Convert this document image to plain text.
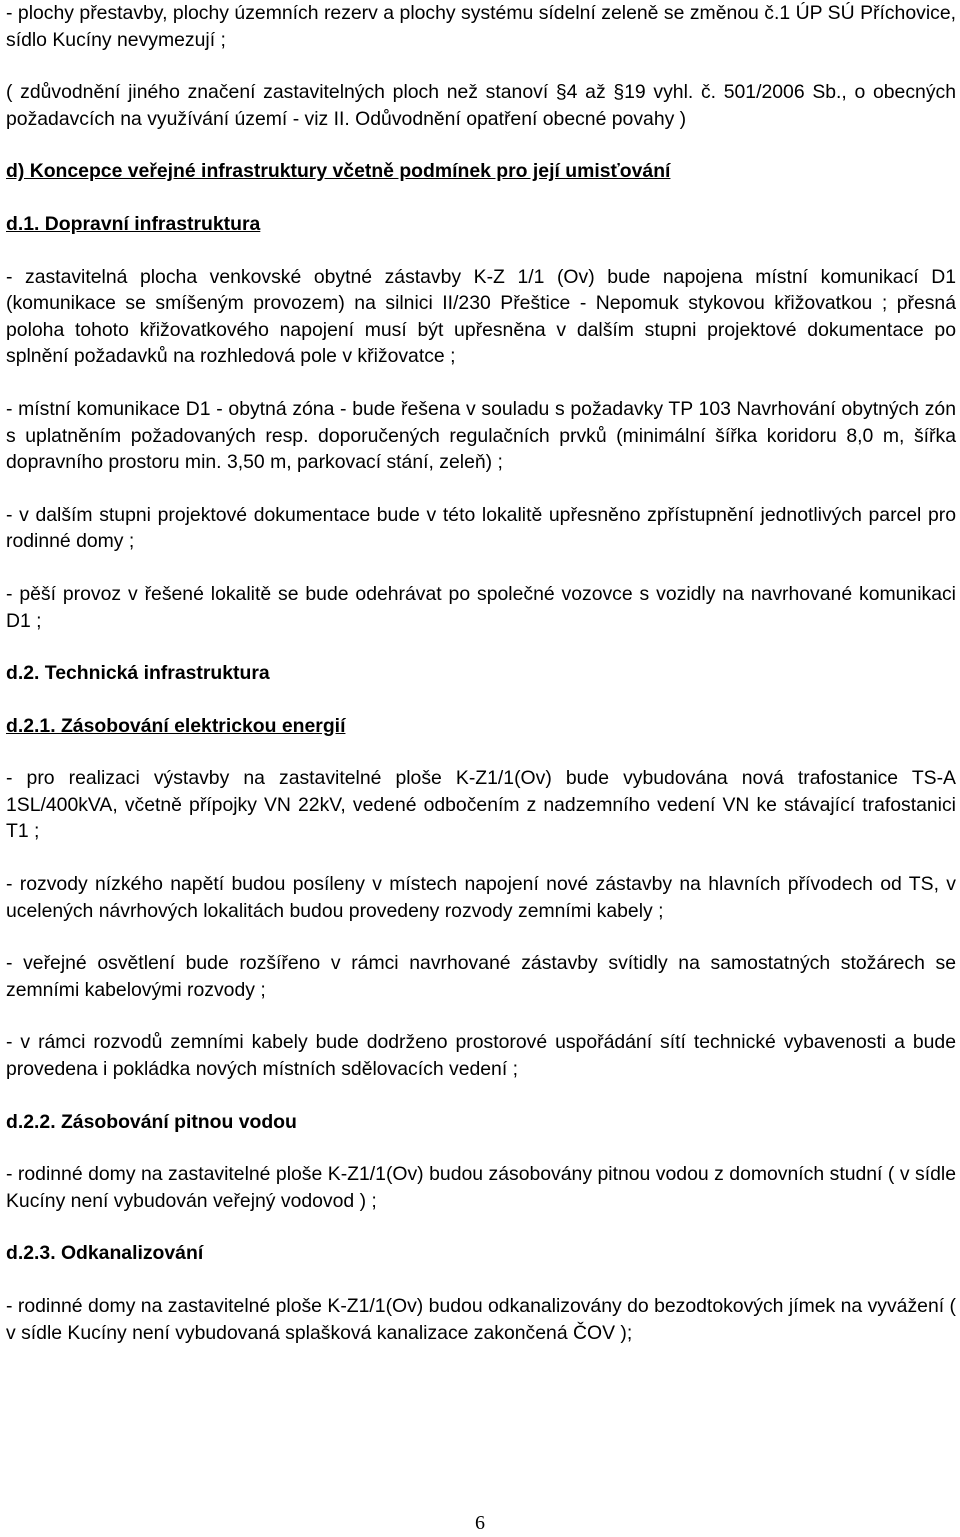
- plochy přestavby, plochy územních rezerv a plochy systému sídelní zeleně se změnou č.1 ÚP SÚ Příchovice, sídlo Kucíny nevymezují ;

( zdůvodnění jiného značení zastavitelných ploch než stanoví §4 až §19 vyhl. č. 501/2006 Sb., o obecných požadavcích na využívání území - viz II. Odůvodnění opatření obecné povahy )

d) Koncepce veřejné infrastruktury včetně podmínek pro její umisťování

d.1. Dopravní infrastruktura

- zastavitelná plocha venkovské obytné zástavby K-Z 1/1 (Ov) bude napojena místní komunikací D1 (komunikace se smíšeným provozem) na silnici II/230 Přeštice - Nepomuk stykovou křižovatkou ; přesná poloha tohoto křižovatkového napojení musí být upřesněna v dalším stupni projektové dokumentace po splnění požadavků na rozhledová pole v křižovatce ;

- místní komunikace D1 - obytná zóna - bude řešena v souladu s požadavky TP 103 Navrhování obytných zón s uplatněním požadovaných resp. doporučených regulačních prvků (minimální šířka koridoru 8,0 m, šířka dopravního prostoru min. 3,50 m, parkovací stání, zeleň) ;

- v dalším stupni projektové dokumentace bude v této lokalitě upřesněno zpřístupnění jednotlivých parcel pro rodinné domy ;

- pěší provoz v řešené lokalitě se bude odehrávat po společné vozovce s vozidly na navrhované komunikaci D1 ;

d.2. Technická infrastruktura

d.2.1. Zásobování elektrickou energií

- pro realizaci výstavby na zastavitelné ploše K-Z1/1(Ov) bude vybudována nová trafostanice TS-A 1SL/400kVA, včetně přípojky VN 22kV, vedené odbočením z nadzemního vedení VN ke stávající trafostanici T1 ;

- rozvody nízkého napětí budou posíleny v místech napojení nové zástavby na hlavních přívodech od TS, v ucelených návrhových lokalitách budou provedeny rozvody zemními kabely ;

- veřejné osvětlení bude rozšířeno v rámci navrhované zástavby svítidly na samostatných stožárech se zemními kabelovými rozvody ;

- v rámci rozvodů zemními kabely bude dodrženo prostorové uspořádání sítí technické vybavenosti a bude provedena i pokládka nových místních sdělovacích vedení ;

d.2.2. Zásobování pitnou vodou

- rodinné domy na zastavitelné ploše K-Z1/1(Ov) budou zásobovány pitnou vodou z domovních studní ( v sídle Kucíny není vybudován veřejný vodovod ) ;

d.2.3. Odkanalizování

- rodinné domy na zastavitelné ploše K-Z1/1(Ov) budou odkanalizovány do bezodtokových jímek na vyvážení ( v sídle Kucíny není vybudovaná splašková kanalizace zakončená ČOV );

6
